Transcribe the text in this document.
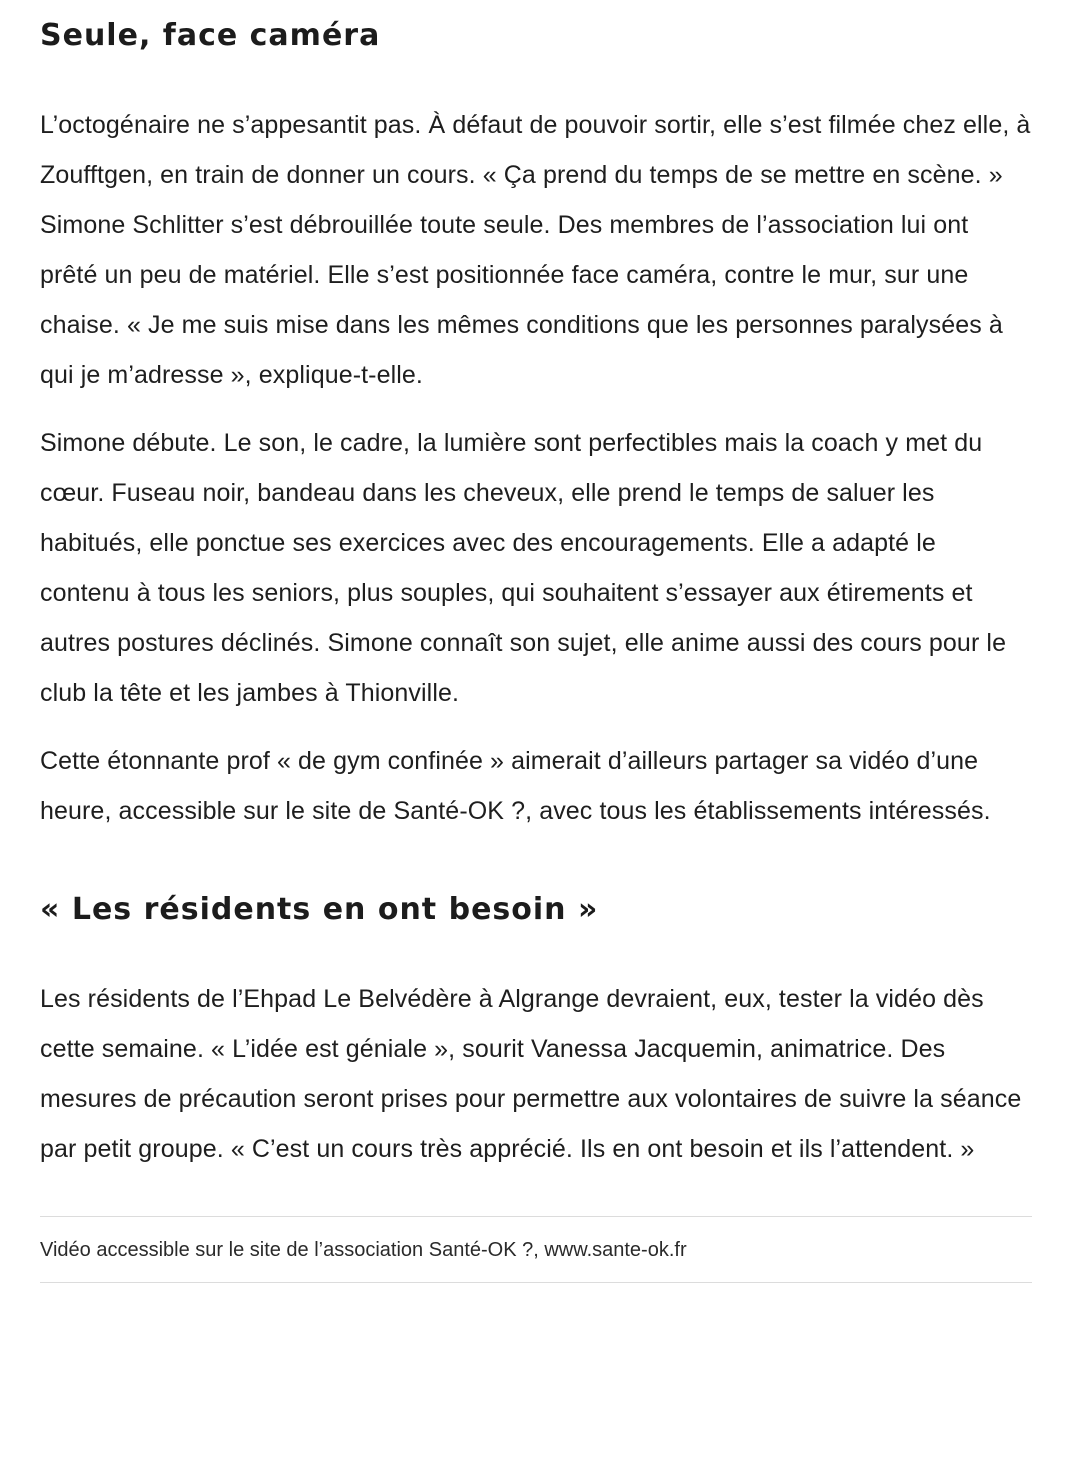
Seule, face caméra

L’octogénaire ne s’appesantit pas. À défaut de pouvoir sortir, elle s’est filmée chez elle, à Zoufftgen, en train de donner un cours. « Ça prend du temps de se mettre en scène. » Simone Schlitter s’est débrouillée toute seule. Des membres de l’association lui ont prêté un peu de matériel. Elle s’est positionnée face caméra, contre le mur, sur une chaise. « Je me suis mise dans les mêmes conditions que les personnes paralysées à qui je m’adresse », explique-t-elle.

Simone débute. Le son, le cadre, la lumière sont perfectibles mais la coach y met du cœur. Fuseau noir, bandeau dans les cheveux, elle prend le temps de saluer les habitués, elle ponctue ses exercices avec des encouragements. Elle a adapté le contenu à tous les seniors, plus souples, qui souhaitent s’essayer aux étirements et autres postures déclinés. Simone connaît son sujet, elle anime aussi des cours pour le club la tête et les jambes à Thionville.

Cette étonnante prof « de gym confinée » aimerait d’ailleurs partager sa vidéo d’une heure, accessible sur le site de Santé-OK ?, avec tous les établissements intéressés.

« Les résidents en ont besoin »

Les résidents de l’Ehpad Le Belvédère à Algrange devraient, eux, tester la vidéo dès cette semaine. « L’idée est géniale », sourit Vanessa Jacquemin, animatrice. Des mesures de précaution seront prises pour permettre aux volontaires de suivre la séance par petit groupe. « C’est un cours très apprécié. Ils en ont besoin et ils l’attendent. »

Vidéo accessible sur le site de l’association Santé-OK ?, www.sante-ok.fr
